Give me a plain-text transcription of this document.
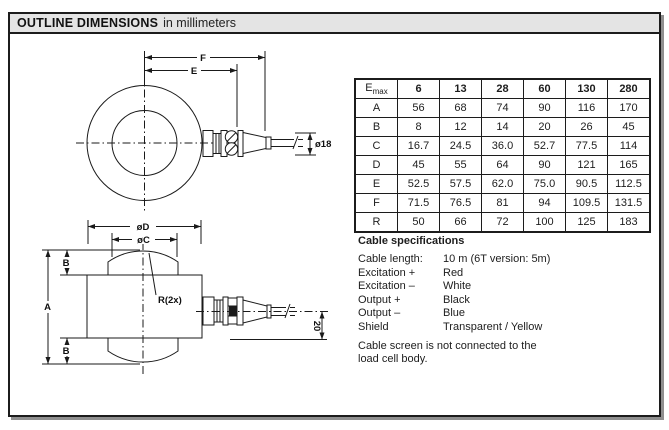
OUTLINE DIMENSIONS in millimeters
F
E
ø18
R(2x)
øD
øC
A
B
B
20
$E_{max}$	6	13	28	60	130	280
A	56	68	74	90	116	170
B	8	12	14	20	26	45
C	16.7	24.5	36.0	52.7	77.5	114
D	45	55	64	90	121	165
E	52.5	57.5	62.0	75.0	90.5	112.5
F	71.5	76.5	81	94	109.5	131.5
R	50	66	72	100	125	183
Cable specifications
Cable length:	10 m (6T version: 5m)
Excitation +	Red
Excitation –	White
Output +	Black
Output –	Blue
Shield	Transparent / Yellow
Cable screen is not connected to the load cell body.
